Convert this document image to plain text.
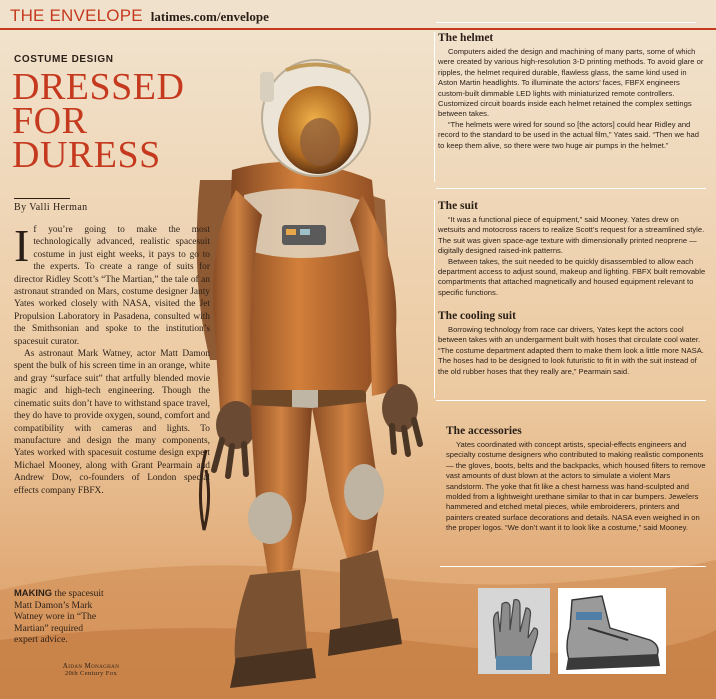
THE ENVELOPE latimes.com/envelope
COSTUME DESIGN
DRESSED
FOR
DURESS
By Valli Herman

If you’re going to make the most technologically advanced, realistic spacesuit costume in just eight weeks, it pays to go to the experts. To create a range of suits for director Ridley Scott’s “The Martian,” the tale of an astronaut stranded on Mars, costume designer Janty Yates worked closely with NASA, visited the Jet Propulsion Laboratory in Pasadena, consulted with the Smithsonian and spoke to the institution’s spacesuit curator.

As astronaut Mark Watney, actor Matt Damon spent the bulk of his screen time in an orange, white and gray “surface suit” that artfully blended movie magic and high-tech engineering. Though the cinematic suits don’t have to withstand space travel, they do have to provide oxygen, sound, comfort and compatibility with cameras and lights. To manufacture and design the many components, Yates worked with spacesuit costume design expert Michael Mooney, along with Grant Pearmain and Andrew Dow, co-founders of London special effects company FBFX.

MAKING the spacesuit Matt Damon’s Mark Watney wore in “The Martian” required expert advice.
Aidan Monaghan
20th Century Fox
The helmet

Computers aided the design and machining of many parts, some of which were created by various high-resolution 3-D printing methods. To avoid glare or ripples, the helmet required durable, flawless glass, the same kind used in Aston Martin headlights. To illuminate the actors’ faces, FBFX engineers custom-built dimmable LED lights with miniaturized remote controllers. Customized circuit boards inside each helmet retained the complex settings between takes.

“The helmets were wired for sound so [the actors] could hear Ridley and record to the standard to be used in the actual film,” Yates said. “Then we had to keep them alive, so there were two huge air pumps in the helmet.”

The suit

“It was a functional piece of equipment,” said Mooney. Yates drew on wetsuits and motocross racers to realize Scott’s request for a streamlined style. The suit was given space-age texture with dimensionally printed neoprene — digitally designed raised-ink patterns.

Between takes, the suit needed to be quickly disassembled to allow each department access to adjust sound, makeup and lighting. FBFX built removable compartments that attached magnetically and housed equipment relevant to specific functions.

The cooling suit

Borrowing technology from race car drivers, Yates kept the actors cool between takes with an undergarment built with hoses that circulate cool water. “The costume department adapted them to make them look a little more NASA. The hoses had to be designed to look futuristic to fit in with the suit instead of the old rubber hoses that they really are,” Pearmain said.

The accessories

Yates coordinated with concept artists, special-effects engineers and specialty costume designers who contributed to making realistic components — the gloves, boots, belts and the backpacks, which housed filters to remove vast amounts of dust blown at the actors to simulate a violent Mars sandstorm. The yoke that fit like a chest harness was hand-sculpted and molded from a lightweight urethane similar to that in car bumpers. Jewelers hammered and etched metal pieces, while embroiderers, printers and painters created surface decorations and details. NASA even weighed in on the proper logos. “We don’t want it to look like a costume,” said Mooney.
